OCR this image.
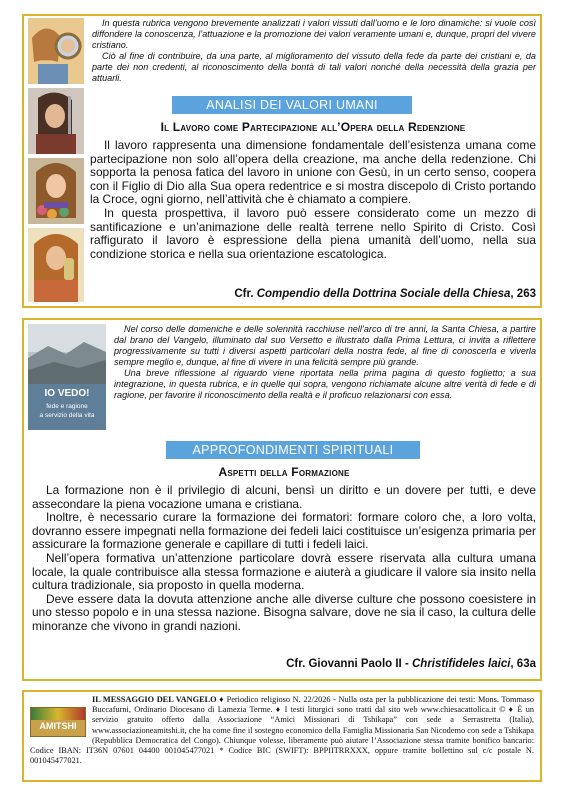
In questa rubrica vengono brevemente analizzati i valori vissuti dall’uomo e le loro dinamiche: si vuole così diffondere la conoscenza, l’attuazione e la promozione dei valori veramente umani e, dunque, propri del vivere cristiano.

Ciò al fine di contribuire, da una parte, al miglioramento del vissuto della fede da parte dei cristiani e, da parte dei non credenti, al riconoscimento della bontà di tali valori nonché della necessità della grazia per attuarli.

ANALISI DEI VALORI UMANI
Il Lavoro come Partecipazione all’Opera della Redenzione

Il lavoro rappresenta una dimensione fondamentale dell’esistenza umana come partecipazione non solo all’opera della creazione, ma anche della redenzione. Chi sopporta la penosa fatica del lavoro in unione con Gesù, in un certo senso, coopera con il Figlio di Dio alla Sua opera redentrice e si mostra discepolo di Cristo portando la Croce, ogni giorno, nell’attività che è chiamato a compiere.

In questa prospettiva, il lavoro può essere considerato come un mezzo di santificazione e un’animazione delle realtà terrene nello Spirito di Cristo. Così raffigurato il lavoro è espressione della piena umanità dell’uomo, nella sua condizione storica e nella sua orientazione escatologica.

Cfr. Compendio della Dottrina Sociale della Chiesa, 263
IO VEDO!
fede e ragione
a servizio della vita

Nel corso delle domeniche e delle solennità racchiuse nell’arco di tre anni, la Santa Chiesa, a partire dal brano del Vangelo, illuminato dal suo Versetto e illustrato dalla Prima Lettura, ci invita a riflettere progressivamente su tutti i diversi aspetti particolari della nostra fede, al fine di conoscerla e viverla sempre meglio e, dunque, al fine di vivere in una felicità sempre più grande.

Una breve riflessione al riguardo viene riportata nella prima pagina di questo foglietto; a sua integrazione, in questa rubrica, e in quelle qui sopra, vengono richiamate alcune altre verità di fede e di ragione, per favorire il riconoscimento della realtà e il proficuo relazionarsi con essa.

APPROFONDIMENTI SPIRITUALI
Aspetti della Formazione

La formazione non è il privilegio di alcuni, bensì un diritto e un dovere per tutti, e deve assecondare la piena vocazione umana e cristiana.

Inoltre, è necessario curare la formazione dei formatori: formare coloro che, a loro volta, dovranno essere impegnati nella formazione dei fedeli laici costituisce un’esigenza primaria per assicurare la formazione generale e capillare di tutti i fedeli laici.

Nell’opera formativa un’attenzione particolare dovrà essere riservata alla cultura umana locale, la quale contribuisce alla stessa formazione e aiuterà a giudicare il valore sia insito nella cultura tradizionale, sia proposto in quella moderna.

Deve essere data la dovuta attenzione anche alle diverse culture che possono coesistere in uno stesso popolo e in una stessa nazione. Bisogna salvare, dove ne sia il caso, la cultura delle minoranze che vivono in grandi nazioni.

Cfr. Giovanni Paolo II - Christifideles laici, 63a
AMITSHI
IL MESSAGGIO DEL VANGELO ♦ Periodico religioso N. 22/2026 - Nulla osta per la pubblicazione dei testi: Mons. Tommaso Buccafurni, Ordinario Diocesano di Lamezia Terme. ♦ I testi liturgici sono tratti dal sito web www.chiesacattolica.it © ♦ È un servizio gratuito offerto dalla Associazione “Amici Missionari di Tshikapa” con sede a Serrastretta (Italia), www.associazioneamitshi.it, che ha come fine il sostegno economico della Famiglia Missionaria San Nicodemo con sede a Tshikapa (Repubblica Democratica del Congo). Chiunque volesse, liberamente può aiutare l’Associazione stessa tramite bonifico bancario: Codice IBAN: IT36N 07601 04400 001045477021 * Codice BIC (SWIFT): BPPIITRRXXX, oppure tramite bollettino sul c/c postale N. 001045477021.
